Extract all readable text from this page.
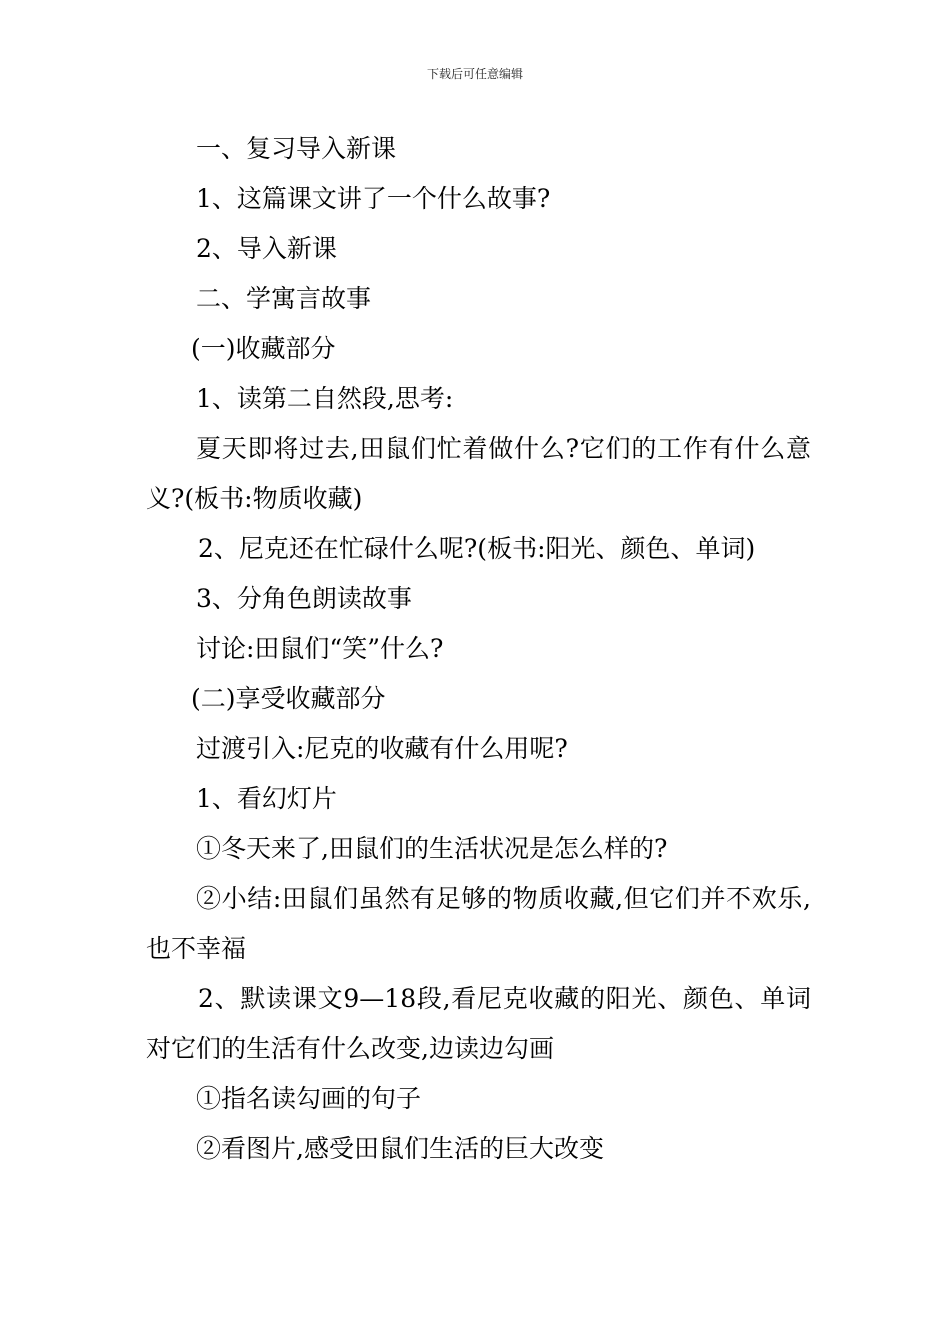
下载后可任意编辑

一、复习导入新课

1、这篇课文讲了一个什么故事?

2、导入新课

二、学寓言故事

(一)收藏部分

1、读第二自然段,思考:

夏天即将过去,田鼠们忙着做什么?它们的工作有什么意义?(板书:物质收藏)

2、尼克还在忙碌什么呢?(板书:阳光、颜色、单词)

3、分角色朗读故事

讨论:田鼠们“笑”什么?

(二)享受收藏部分

过渡引入:尼克的收藏有什么用呢?

1、看幻灯片

①冬天来了,田鼠们的生活状况是怎么样的?

②小结:田鼠们虽然有足够的物质收藏,但它们并不欢乐,也不幸福

2、默读课文9—18段,看尼克收藏的阳光、颜色、单词对它们的生活有什么改变,边读边勾画

①指名读勾画的句子

②看图片,感受田鼠们生活的巨大改变
